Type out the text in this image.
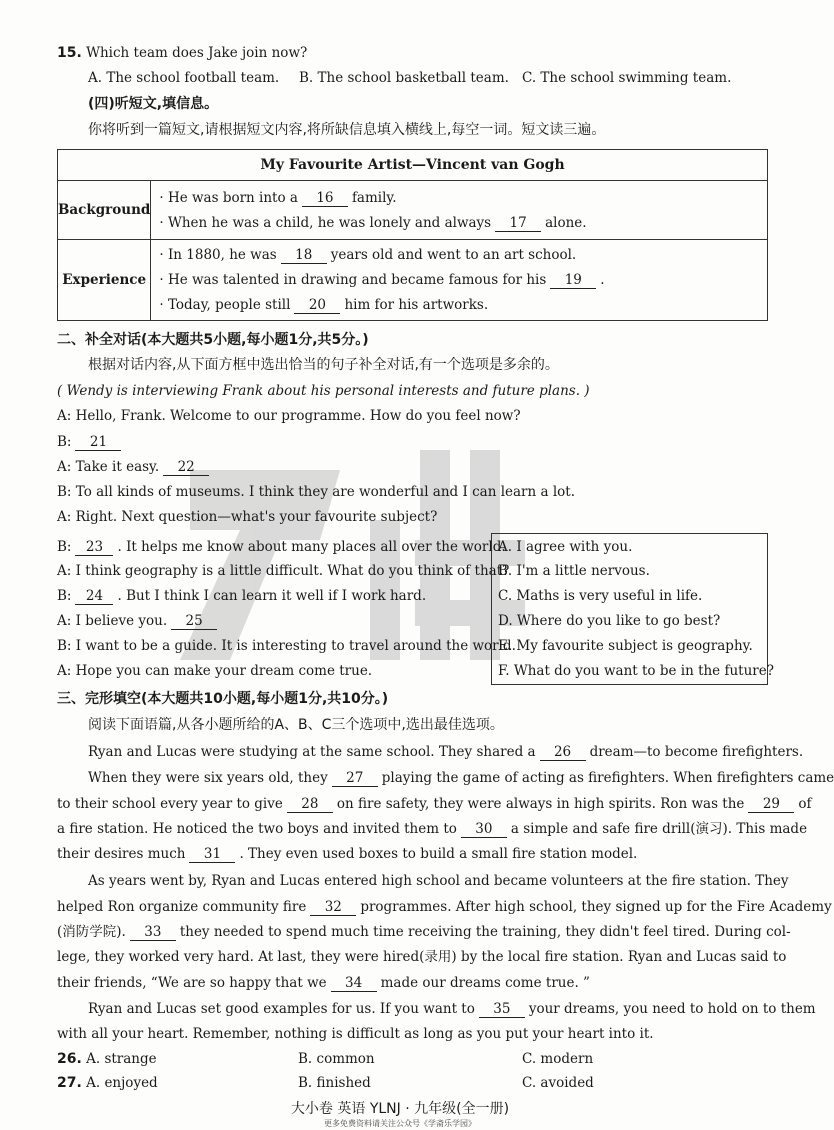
15. Which team does Jake join now?
A. The school football team. B. The school basketball team. C. The school swimming team.
(四)听短文,填信息。
你将听到一篇短文,请根据短文内容,将所缺信息填入横线上,每空一词。短文读三遍。
My Favourite Artist—Vincent van Gogh	
Background	· He was born into a 16 family.
· When he was a child, he was lonely and always 17 alone.

Experience	· In 1880, he was 18 years old and went to an art school.
· He was talented in drawing and became famous for his 19 .
· Today, people still 20 him for his artworks.
二、补全对话(本大题共5小题,每小题1分,共5分。)
根据对话内容,从下面方框中选出恰当的句子补全对话,有一个选项是多余的。
( Wendy is interviewing Frank about his personal interests and future plans. )
A: Hello, Frank. Welcome to our programme. How do you feel now?
B: 21
A: Take it easy. 22
B: To all kinds of museums. I think they are wonderful and I can learn a lot.
A: Right. Next question—what's your favourite subject?
B: 23 . It helps me know about many places all over the world.
A: I think geography is a little difficult. What do you think of that?
B: 24 . But I think I can learn it well if I work hard.
A: I believe you. 25
B: I want to be a guide. It is interesting to travel around the world.
A: Hope you can make your dream come true.
A. I agree with you.
B. I'm a little nervous.
C. Maths is very useful in life.
D. Where do you like to go best?
E. My favourite subject is geography.
F. What do you want to be in the future?
三、完形填空(本大题共10小题,每小题1分,共10分。)
阅读下面语篇,从各小题所给的A、B、C三个选项中,选出最佳选项。
Ryan and Lucas were studying at the same school. They shared a 26 dream—to become firefighters.
When they were six years old, they 27 playing the game of acting as firefighters. When firefighters came
to their school every year to give 28 on fire safety, they were always in high spirits. Ron was the 29 of
a fire station. He noticed the two boys and invited them to 30 a simple and safe fire drill(演习). This made
their desires much 31 . They even used boxes to build a small fire station model.
As years went by, Ryan and Lucas entered high school and became volunteers at the fire station. They
helped Ron organize community fire 32 programmes. After high school, they signed up for the Fire Academy
(消防学院). 33 they needed to spend much time receiving the training, they didn't feel tired. During col-
lege, they worked very hard. At last, they were hired(录用) by the local fire station. Ryan and Lucas said to
their friends, “We are so happy that we 34 made our dreams come true. ”
Ryan and Lucas set good examples for us. If you want to 35 your dreams, you need to hold on to them
with all your heart. Remember, nothing is difficult as long as you put your heart into it.
26. A. strange	B. common	C. modern
27. A. enjoyed	B. finished	C. avoided
大小卷 英语 YLNJ · 九年级(全一册)
更多免费资料请关注公众号《学斋乐学园》
